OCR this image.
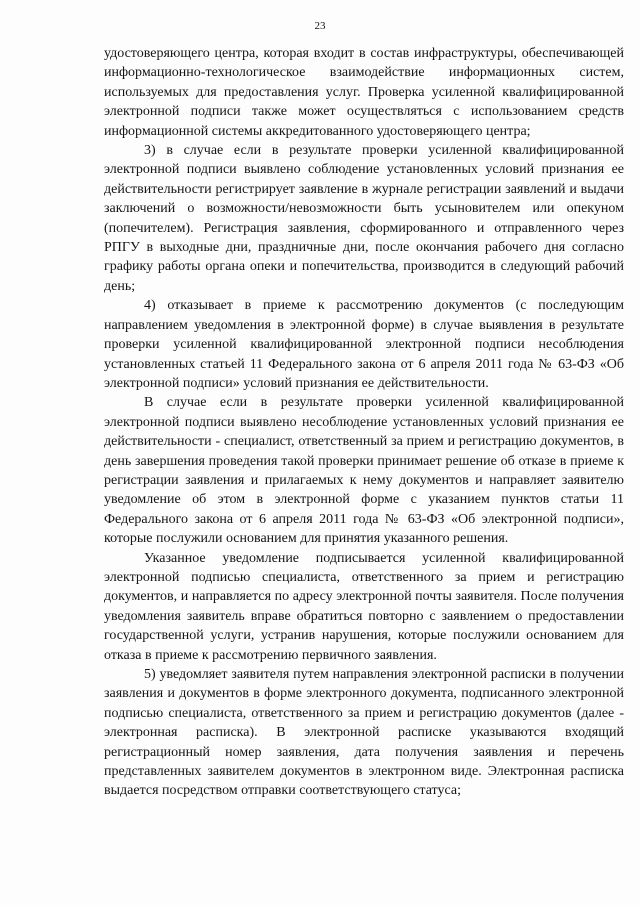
23

удостоверяющего центра, которая входит в состав инфраструктуры, обеспечивающей информационно-технологическое взаимодействие информационных систем, используемых для предоставления услуг. Проверка усиленной квалифицированной электронной подписи также может осуществляться с использованием средств информационной системы аккредитованного удостоверяющего центра;

3) в случае если в результате проверки усиленной квалифицированной электронной подписи выявлено соблюдение установленных условий признания ее действительности регистрирует заявление в журнале регистрации заявлений и выдачи заключений о возможности/невозможности быть усыновителем или опекуном (попечителем). Регистрация заявления, сформированного и отправленного через РПГУ в выходные дни, праздничные дни, после окончания рабочего дня согласно графику работы органа опеки и попечительства, производится в следующий рабочий день;

4) отказывает в приеме к рассмотрению документов (с последующим направлением уведомления в электронной форме) в случае выявления в результате проверки усиленной квалифицированной электронной подписи несоблюдения установленных статьей 11 Федерального закона от 6 апреля 2011 года № 63-ФЗ «Об электронной подписи» условий признания ее действительности.

В случае если в результате проверки усиленной квалифицированной электронной подписи выявлено несоблюдение установленных условий признания ее действительности - специалист, ответственный за прием и регистрацию документов, в день завершения проведения такой проверки принимает решение об отказе в приеме к регистрации заявления и прилагаемых к нему документов и направляет заявителю уведомление об этом в электронной форме с указанием пунктов статьи 11 Федерального закона от 6 апреля 2011 года № 63-ФЗ «Об электронной подписи», которые послужили основанием для принятия указанного решения.

Указанное уведомление подписывается усиленной квалифицированной электронной подписью специалиста, ответственного за прием и регистрацию документов, и направляется по адресу электронной почты заявителя. После получения уведомления заявитель вправе обратиться повторно с заявлением о предоставлении государственной услуги, устранив нарушения, которые послужили основанием для отказа в приеме к рассмотрению первичного заявления.

5) уведомляет заявителя путем направления электронной расписки в получении заявления и документов в форме электронного документа, подписанного электронной подписью специалиста, ответственного за прием и регистрацию документов (далее - электронная расписка). В электронной расписке указываются входящий регистрационный номер заявления, дата получения заявления и перечень представленных заявителем документов в электронном виде. Электронная расписка выдается посредством отправки соответствующего статуса;
